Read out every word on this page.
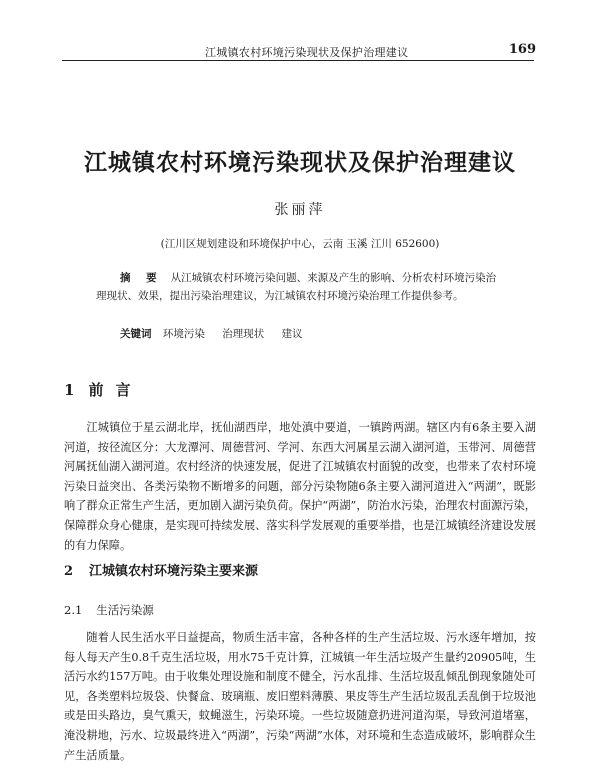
江城镇农村环境污染现状及保护治理建议	169
江城镇农村环境污染现状及保护治理建议
张丽萍
(江川区规划建设和环境保护中心，云南 玉溪 江川 652600)
摘 要 从江城镇农村环境污染问题、来源及产生的影响、分析农村环境污染治理现状、效果，提出污染治理建议，为江城镇农村环境污染治理工作提供参考。
关键词 环境污染 治理现状 建议
1 前言
江城镇位于星云湖北岸，抚仙湖西岸，地处滇中要道，一镇跨两湖。辖区内有6条主要入湖河道，按径流区分：大龙潭河、周德营河、学河、东西大河属星云湖入湖河道，玉带河、周德营河属抚仙湖入湖河道。农村经济的快速发展，促进了江城镇农村面貌的改变，也带来了农村环境污染日益突出、各类污染物不断增多的问题，部分污染物随6条主要入湖河道进入“两湖”，既影响了群众正常生产生活，更加剧入湖污染负荷。保护“两湖”，防治水污染，治理农村面源污染，保障群众身心健康，是实现可持续发展、落实科学发展观的重要举措，也是江城镇经济建设发展的有力保障。
2 江城镇农村环境污染主要来源
2.1 生活污染源
随着人民生活水平日益提高，物质生活丰富，各种各样的生产生活垃圾、污水逐年增加，按每人每天产生0.8千克生活垃圾，用水75千克计算，江城镇一年生活垃圾产生量约20905吨，生活污水约157万吨。由于收集处理设施和制度不健全，污水乱排、生活垃圾乱倾乱倒现象随处可见，各类塑料垃圾袋、快餐盒、玻璃瓶、废旧塑料薄膜、果皮等生产生活垃圾乱丢乱倒于垃圾池或是田头路边，臭气熏天，蚊蝇滋生，污染环境。一些垃圾随意扔进河道沟渠，导致河道堵塞，淹没耕地，污水、垃圾最终进入“两湖”，污染“两湖”水体，对环境和生态造成破坏，影响群众生产生活质量。
